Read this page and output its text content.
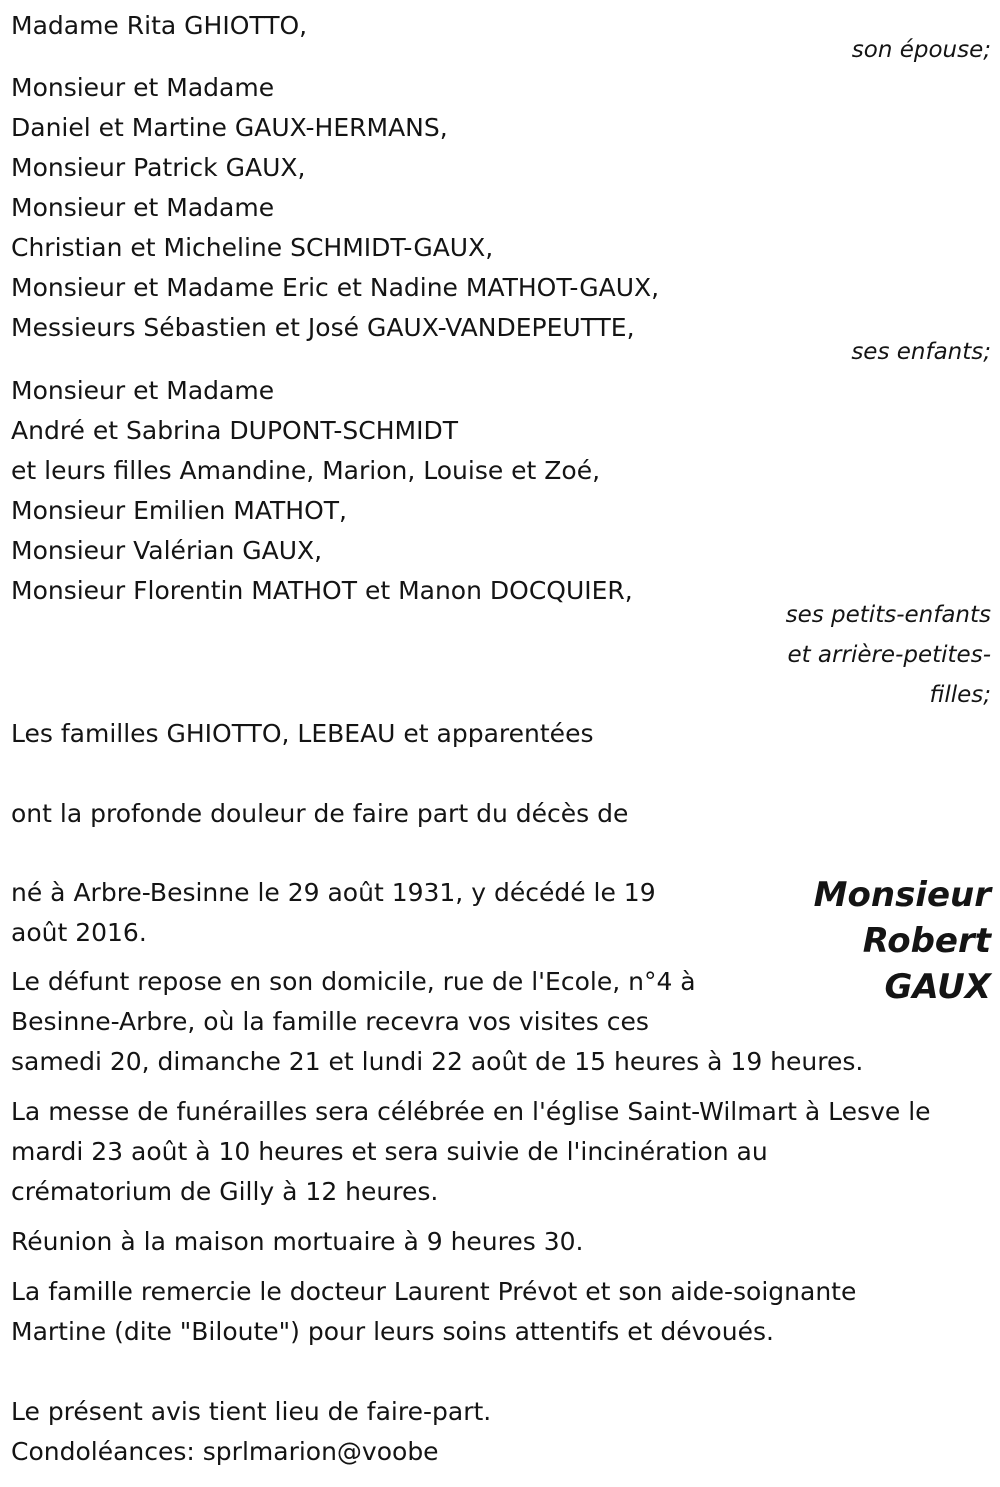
Madame Rita GHIOTTO,
son épouse;
Monsieur et Madame
Daniel et Martine GAUX-HERMANS,
Monsieur Patrick GAUX,
Monsieur et Madame
Christian et Micheline SCHMIDT-GAUX,
Monsieur et Madame Eric et Nadine MATHOT-GAUX,
Messieurs Sébastien et José GAUX-VANDEPEUTTE,
ses enfants;
Monsieur et Madame
André et Sabrina DUPONT-SCHMIDT
et leurs filles Amandine, Marion, Louise et Zoé,
Monsieur Emilien MATHOT,
Monsieur Valérian GAUX,
Monsieur Florentin MATHOT et Manon DOCQUIER,
ses petits-enfants
et arrière-petites-
filles;
Les familles GHIOTTO, LEBEAU et apparentées
ont la profonde douleur de faire part du décès de
Monsieur
Robert
GAUX
né à Arbre-Besinne le 29 août 1931, y décédé le 19
août 2016.
Le défunt repose en son domicile, rue de l'Ecole, n°4 à
Besinne-Arbre, où la famille recevra vos visites ces
samedi 20, dimanche 21 et lundi 22 août de 15 heures à 19 heures.
La messe de funérailles sera célébrée en l'église Saint-Wilmart à Lesve le
mardi 23 août à 10 heures et sera suivie de l'incinération au
crématorium de Gilly à 12 heures.
Réunion à la maison mortuaire à 9 heures 30.
La famille remercie le docteur Laurent Prévot et son aide-soignante
Martine (dite "Biloute") pour leurs soins attentifs et dévoués.
Le présent avis tient lieu de faire-part.
Condoléances: sprlmarion@voobe
